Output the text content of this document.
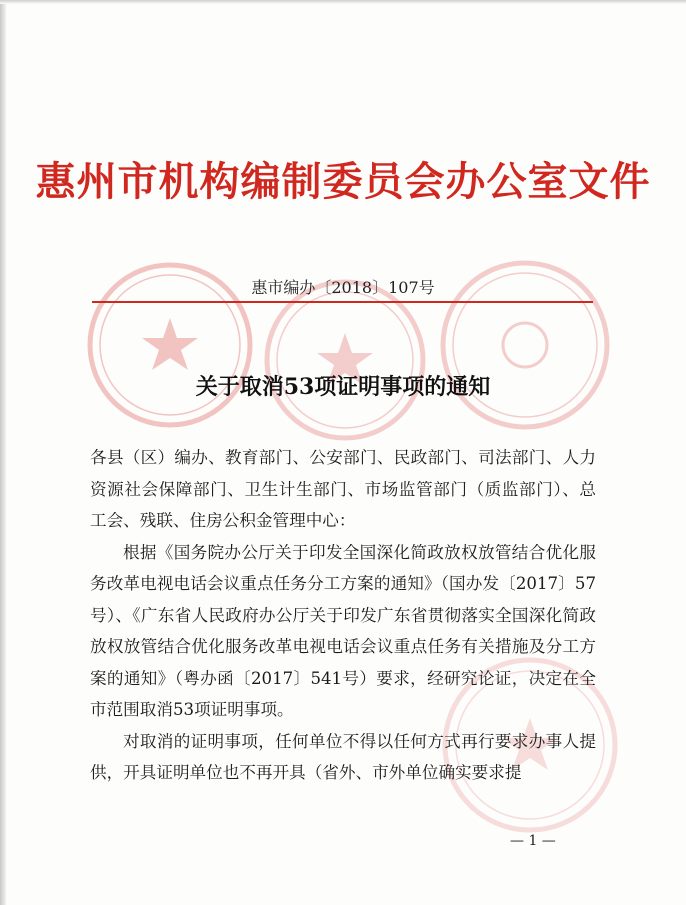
惠州市机构编制委员会办公室文件
惠市编办〔2018〕107号
关于取消53项证明事项的通知

各县（区）编办、教育部门、公安部门、民政部门、司法部门、人力资源社会保障部门、卫生计生部门、市场监管部门（质监部门）、总工会、残联、住房公积金管理中心：

根据《国务院办公厅关于印发全国深化简政放权放管结合优化服务改革电视电话会议重点任务分工方案的通知》（国办发〔2017〕57号）、《广东省人民政府办公厅关于印发广东省贯彻落实全国深化简政放权放管结合优化服务改革电视电话会议重点任务有关措施及分工方案的通知》（粤办函〔2017〕541号）要求，经研究论证，决定在全市范围取消53项证明事项。

对取消的证明事项，任何单位不得以任何方式再行要求办事人提供，开具证明单位也不再开具（省外、市外单位确实要求提

— 1 —
